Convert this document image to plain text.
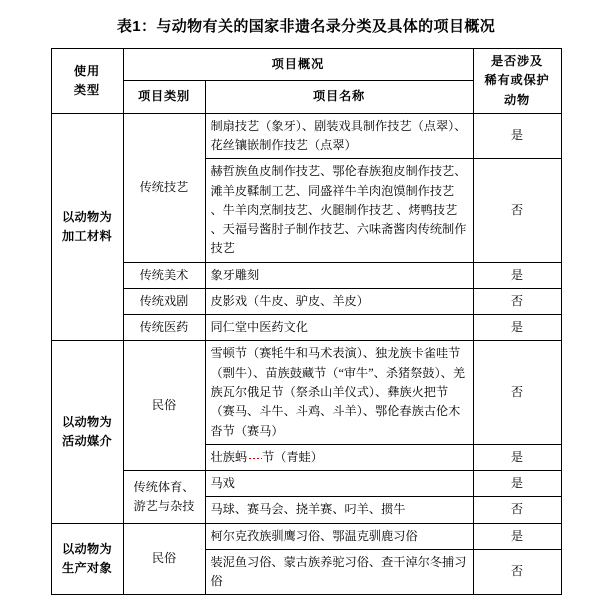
表1：与动物有关的国家非遗名录分类及具体的项目概况
使用
类型
	项目概况	是否涉及
稀有或保护动物

	项目类别	项目名称	

以动物为
加工材料	传统技艺	制扇技艺（象牙）、剧装戏具制作技艺（点翠）、花丝镶嵌制作技艺（点翠）	是
		赫哲族鱼皮制作技艺、鄂伦春族狍皮制作技艺、滩羊皮鞣制工艺、同盛祥牛羊肉泡馍制作技艺 、牛羊肉烹制技艺、火腿制作技艺 、烤鸭技艺 、天福号酱肘子制作技艺、六味斋酱肉传统制作技艺	否
	传统美术	象牙雕刻	是
	传统戏剧	皮影戏（牛皮、驴皮、羊皮）	否
	传统医药	同仁堂中医药文化	是

以动物为
活动媒介	民俗	雪顿节（赛牦牛和马术表演）、独龙族卡雀哇节（剽牛）、苗族鼓藏节（“审牛”、杀猪祭鼓）、羌族瓦尔俄足节（祭杀山羊仪式）、彝族火把节（赛马、斗牛、斗鸡、斗羊）、鄂伦春族古伦木沓节（赛马）	否
		壮族蚂 节（青蛙）	是

	传统体育、
游艺与杂技	马戏	是
		马球、赛马会、挠羊赛、叼羊、掼牛	否

以动物为
生产对象	民俗	柯尔克孜族驯鹰习俗、鄂温克驯鹿习俗	是
		装泥鱼习俗、蒙古族养驼习俗、查干淖尔冬捕习俗	否
